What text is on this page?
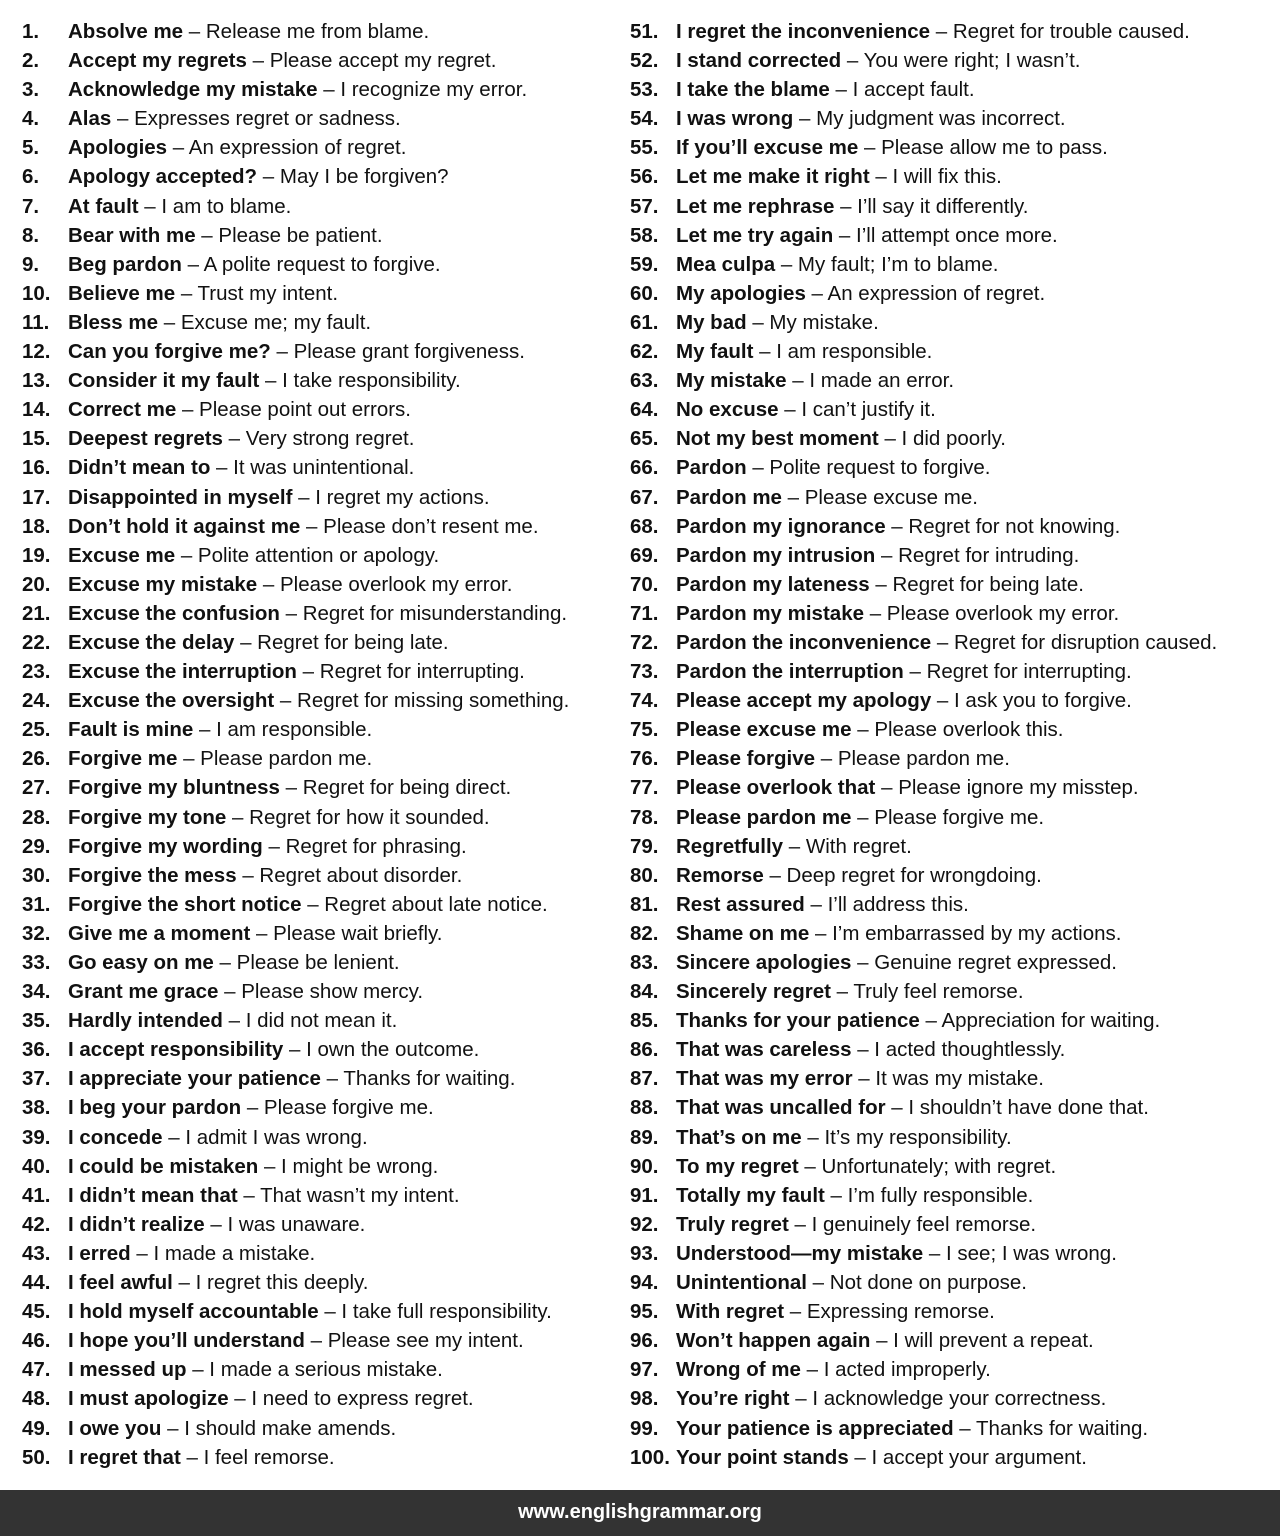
1. Absolve me – Release me from blame.
2. Accept my regrets – Please accept my regret.
3. Acknowledge my mistake – I recognize my error.
4. Alas – Expresses regret or sadness.
5. Apologies – An expression of regret.
6. Apology accepted? – May I be forgiven?
7. At fault – I am to blame.
8. Bear with me – Please be patient.
9. Beg pardon – A polite request to forgive.
10. Believe me – Trust my intent.
11. Bless me – Excuse me; my fault.
12. Can you forgive me? – Please grant forgiveness.
13. Consider it my fault – I take responsibility.
14. Correct me – Please point out errors.
15. Deepest regrets – Very strong regret.
16. Didn’t mean to – It was unintentional.
17. Disappointed in myself – I regret my actions.
18. Don’t hold it against me – Please don’t resent me.
19. Excuse me – Polite attention or apology.
20. Excuse my mistake – Please overlook my error.
21. Excuse the confusion – Regret for misunderstanding.
22. Excuse the delay – Regret for being late.
23. Excuse the interruption – Regret for interrupting.
24. Excuse the oversight – Regret for missing something.
25. Fault is mine – I am responsible.
26. Forgive me – Please pardon me.
27. Forgive my bluntness – Regret for being direct.
28. Forgive my tone – Regret for how it sounded.
29. Forgive my wording – Regret for phrasing.
30. Forgive the mess – Regret about disorder.
31. Forgive the short notice – Regret about late notice.
32. Give me a moment – Please wait briefly.
33. Go easy on me – Please be lenient.
34. Grant me grace – Please show mercy.
35. Hardly intended – I did not mean it.
36. I accept responsibility – I own the outcome.
37. I appreciate your patience – Thanks for waiting.
38. I beg your pardon – Please forgive me.
39. I concede – I admit I was wrong.
40. I could be mistaken – I might be wrong.
41. I didn’t mean that – That wasn’t my intent.
42. I didn’t realize – I was unaware.
43. I erred – I made a mistake.
44. I feel awful – I regret this deeply.
45. I hold myself accountable – I take full responsibility.
46. I hope you’ll understand – Please see my intent.
47. I messed up – I made a serious mistake.
48. I must apologize – I need to express regret.
49. I owe you – I should make amends.
50. I regret that – I feel remorse.
51. I regret the inconvenience – Regret for trouble caused.
52. I stand corrected – You were right; I wasn’t.
53. I take the blame – I accept fault.
54. I was wrong – My judgment was incorrect.
55. If you’ll excuse me – Please allow me to pass.
56. Let me make it right – I will fix this.
57. Let me rephrase – I’ll say it differently.
58. Let me try again – I’ll attempt once more.
59. Mea culpa – My fault; I’m to blame.
60. My apologies – An expression of regret.
61. My bad – My mistake.
62. My fault – I am responsible.
63. My mistake – I made an error.
64. No excuse – I can’t justify it.
65. Not my best moment – I did poorly.
66. Pardon – Polite request to forgive.
67. Pardon me – Please excuse me.
68. Pardon my ignorance – Regret for not knowing.
69. Pardon my intrusion – Regret for intruding.
70. Pardon my lateness – Regret for being late.
71. Pardon my mistake – Please overlook my error.
72. Pardon the inconvenience – Regret for disruption caused.
73. Pardon the interruption – Regret for interrupting.
74. Please accept my apology – I ask you to forgive.
75. Please excuse me – Please overlook this.
76. Please forgive – Please pardon me.
77. Please overlook that – Please ignore my misstep.
78. Please pardon me – Please forgive me.
79. Regretfully – With regret.
80. Remorse – Deep regret for wrongdoing.
81. Rest assured – I’ll address this.
82. Shame on me – I’m embarrassed by my actions.
83. Sincere apologies – Genuine regret expressed.
84. Sincerely regret – Truly feel remorse.
85. Thanks for your patience – Appreciation for waiting.
86. That was careless – I acted thoughtlessly.
87. That was my error – It was my mistake.
88. That was uncalled for – I shouldn’t have done that.
89. That’s on me – It’s my responsibility.
90. To my regret – Unfortunately; with regret.
91. Totally my fault – I’m fully responsible.
92. Truly regret – I genuinely feel remorse.
93. Understood—my mistake – I see; I was wrong.
94. Unintentional – Not done on purpose.
95. With regret – Expressing remorse.
96. Won’t happen again – I will prevent a repeat.
97. Wrong of me – I acted improperly.
98. You’re right – I acknowledge your correctness.
99. Your patience is appreciated – Thanks for waiting.
100. Your point stands – I accept your argument.
www.englishgrammar.org
